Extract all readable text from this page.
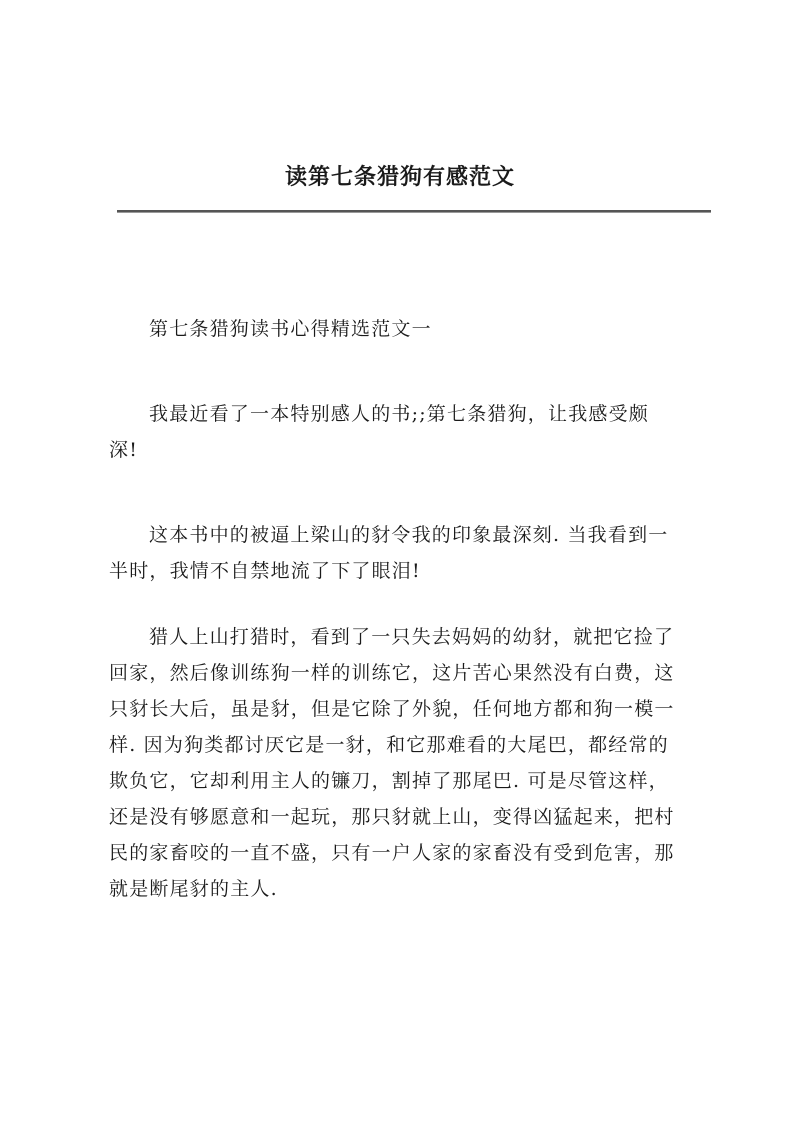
读第七条猎狗有感范文
第七条猎狗读书心得精选范文一
我最近看了一本特别感人的书;;第七条猎狗，让我感受颇
深!
这本书中的被逼上梁山的豺令我的印象最深刻. 当我看到一
半时，我情不自禁地流了下了眼泪!
猎人上山打猎时，看到了一只失去妈妈的幼豺，就把它捡了
回家，然后像训练狗一样的训练它，这片苦心果然没有白费，这
只豺长大后，虽是豺，但是它除了外貌，任何地方都和狗一模一
样. 因为狗类都讨厌它是一豺，和它那难看的大尾巴，都经常的
欺负它，它却利用主人的镰刀，割掉了那尾巴. 可是尽管这样，
还是没有够愿意和一起玩，那只豺就上山，变得凶猛起来，把村
民的家畜咬的一直不盛，只有一户人家的家畜没有受到危害，那
就是断尾豺的主人.
